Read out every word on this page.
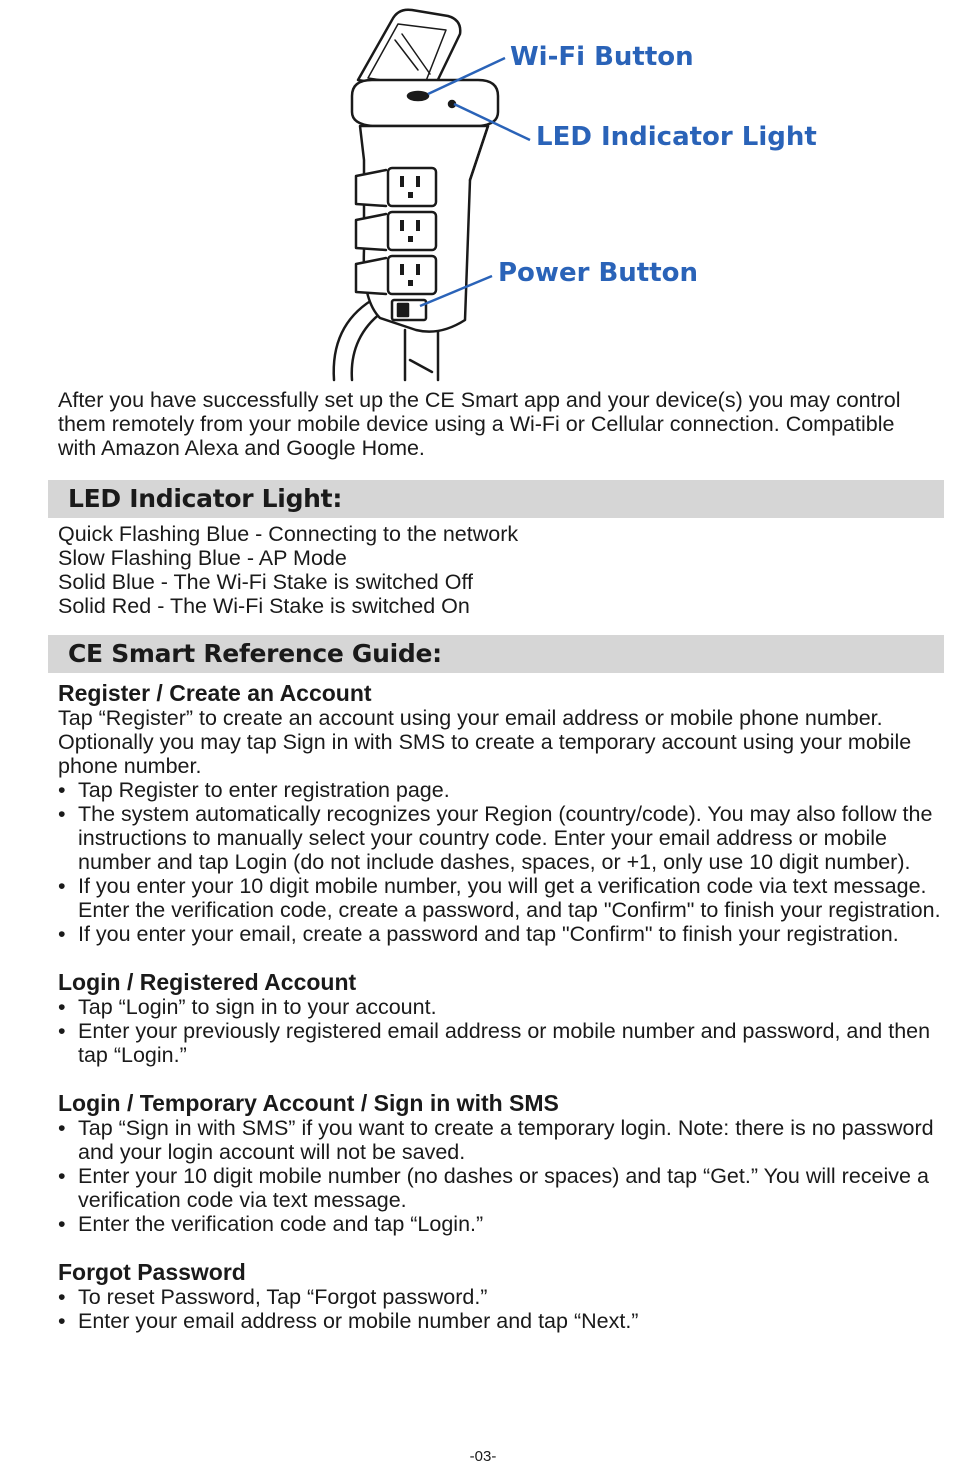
Wi-Fi Button
LED Indicator Light
Power Button

After you have successfully set up the CE Smart app and your device(s) you may control them remotely from your mobile device using a Wi-Fi or Cellular connection. Compatible with Amazon Alexa and Google Home.

LED Indicator Light:
Quick Flashing Blue - Connecting to the network
Slow Flashing Blue - AP Mode
Solid Blue - The Wi-Fi Stake is switched Off
Solid Red - The Wi-Fi Stake is switched On
CE Smart Reference Guide:
Register / Create an Account

Tap “Register” to create an account using your email address or mobile phone number. Optionally you may tap Sign in with SMS to create a temporary account using your mobile phone number.

• Tap Register to enter registration page.
• The system automatically recognizes your Region (country/code). You may also follow the instructions to manually select your country code. Enter your email address or mobile number and tap Login (do not include dashes, spaces, or +1, only use 10 digit number).
• If you enter your 10 digit mobile number, you will get a verification code via text message. Enter the verification code, create a password, and tap "Confirm" to finish your registration.
• If you enter your email, create a password and tap "Confirm" to finish your registration.
Login / Registered Account
• Tap “Login” to sign in to your account.
• Enter your previously registered email address or mobile number and password, and then tap “Login.”
Login / Temporary Account / Sign in with SMS
• Tap “Sign in with SMS” if you want to create a temporary login. Note: there is no password and your login account will not be saved.
• Enter your 10 digit mobile number (no dashes or spaces) and tap “Get.” You will receive a verification code via text message.
• Enter the verification code and tap “Login.”
Forgot Password
• To reset Password, Tap “Forgot password.”
• Enter your email address or mobile number and tap “Next.”
-03-
